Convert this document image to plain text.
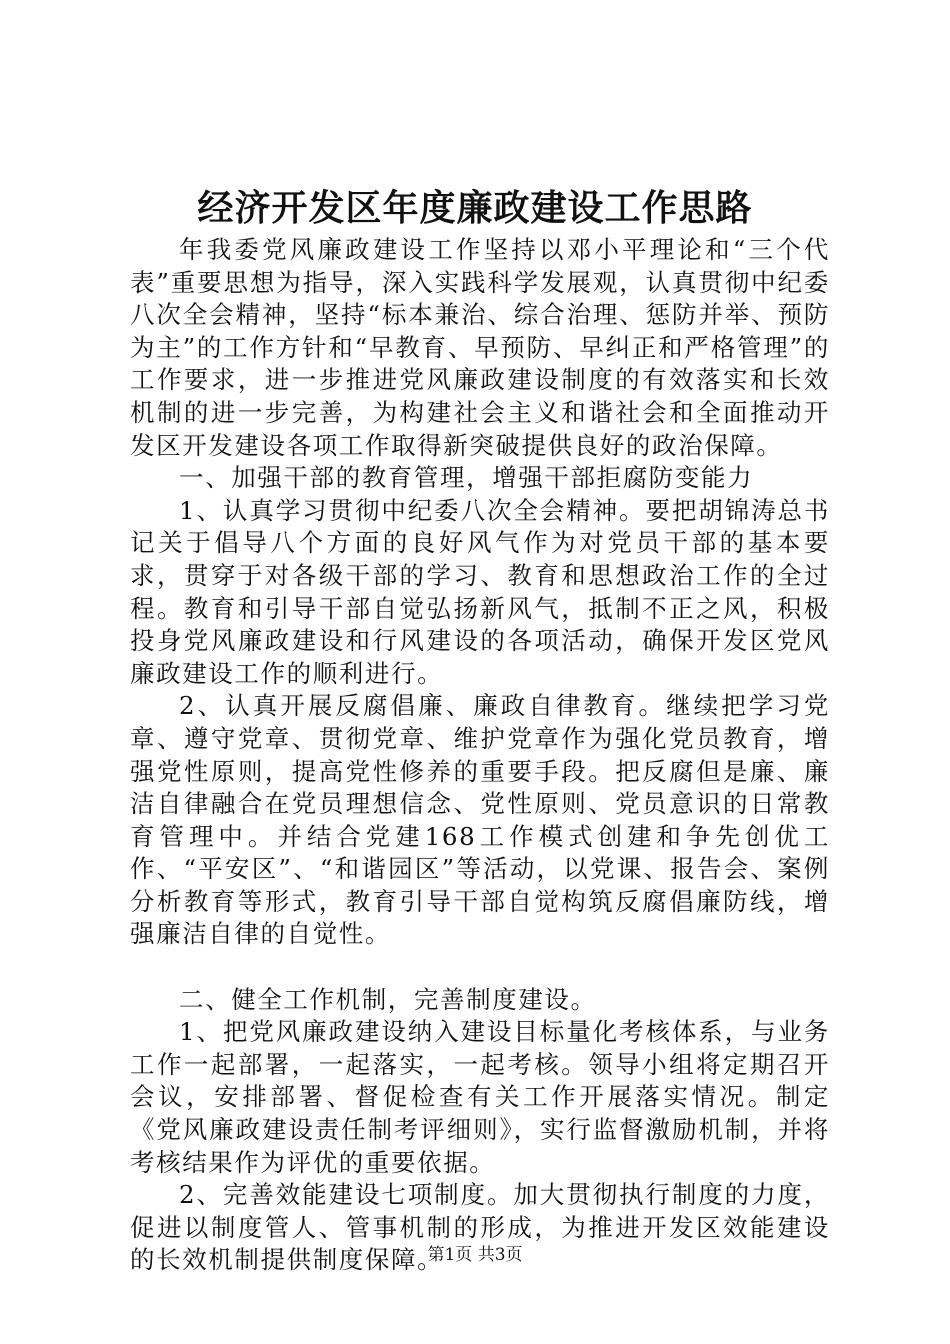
经济开发区年度廉政建设工作思路

年我委党风廉政建设工作坚持以邓小平理论和“三个代表”重要思想为指导，深入实践科学发展观，认真贯彻中纪委八次全会精神，坚持“标本兼治、综合治理、惩防并举、预防为主”的工作方针和“早教育、早预防、早纠正和严格管理”的工作要求，进一步推进党风廉政建设制度的有效落实和长效机制的进一步完善，为构建社会主义和谐社会和全面推动开发区开发建设各项工作取得新突破提供良好的政治保障。

一、加强干部的教育管理，增强干部拒腐防变能力

1、认真学习贯彻中纪委八次全会精神。要把胡锦涛总书记关于倡导八个方面的良好风气作为对党员干部的基本要求，贯穿于对各级干部的学习、教育和思想政治工作的全过程。教育和引导干部自觉弘扬新风气，抵制不正之风，积极投身党风廉政建设和行风建设的各项活动，确保开发区党风廉政建设工作的顺利进行。

2、认真开展反腐倡廉、廉政自律教育。继续把学习党章、遵守党章、贯彻党章、维护党章作为强化党员教育，增强党性原则，提高党性修养的重要手段。把反腐但是廉、廉洁自律融合在党员理想信念、党性原则、党员意识的日常教育管理中。并结合党建168工作模式创建和争先创优工作、“平安区”、“和谐园区”等活动，以党课、报告会、案例分析教育等形式，教育引导干部自觉构筑反腐倡廉防线，增强廉洁自律的自觉性。

二、健全工作机制，完善制度建设。

1、把党风廉政建设纳入建设目标量化考核体系，与业务工作一起部署，一起落实，一起考核。领导小组将定期召开会议，安排部署、督促检查有关工作开展落实情况。制定《党风廉政建设责任制考评细则》，实行监督激励机制，并将考核结果作为评优的重要依据。

2、完善效能建设七项制度。加大贯彻执行制度的力度，促进以制度管人、管事机制的形成，为推进开发区效能建设的长效机制提供制度保障。

第1页 共3页
